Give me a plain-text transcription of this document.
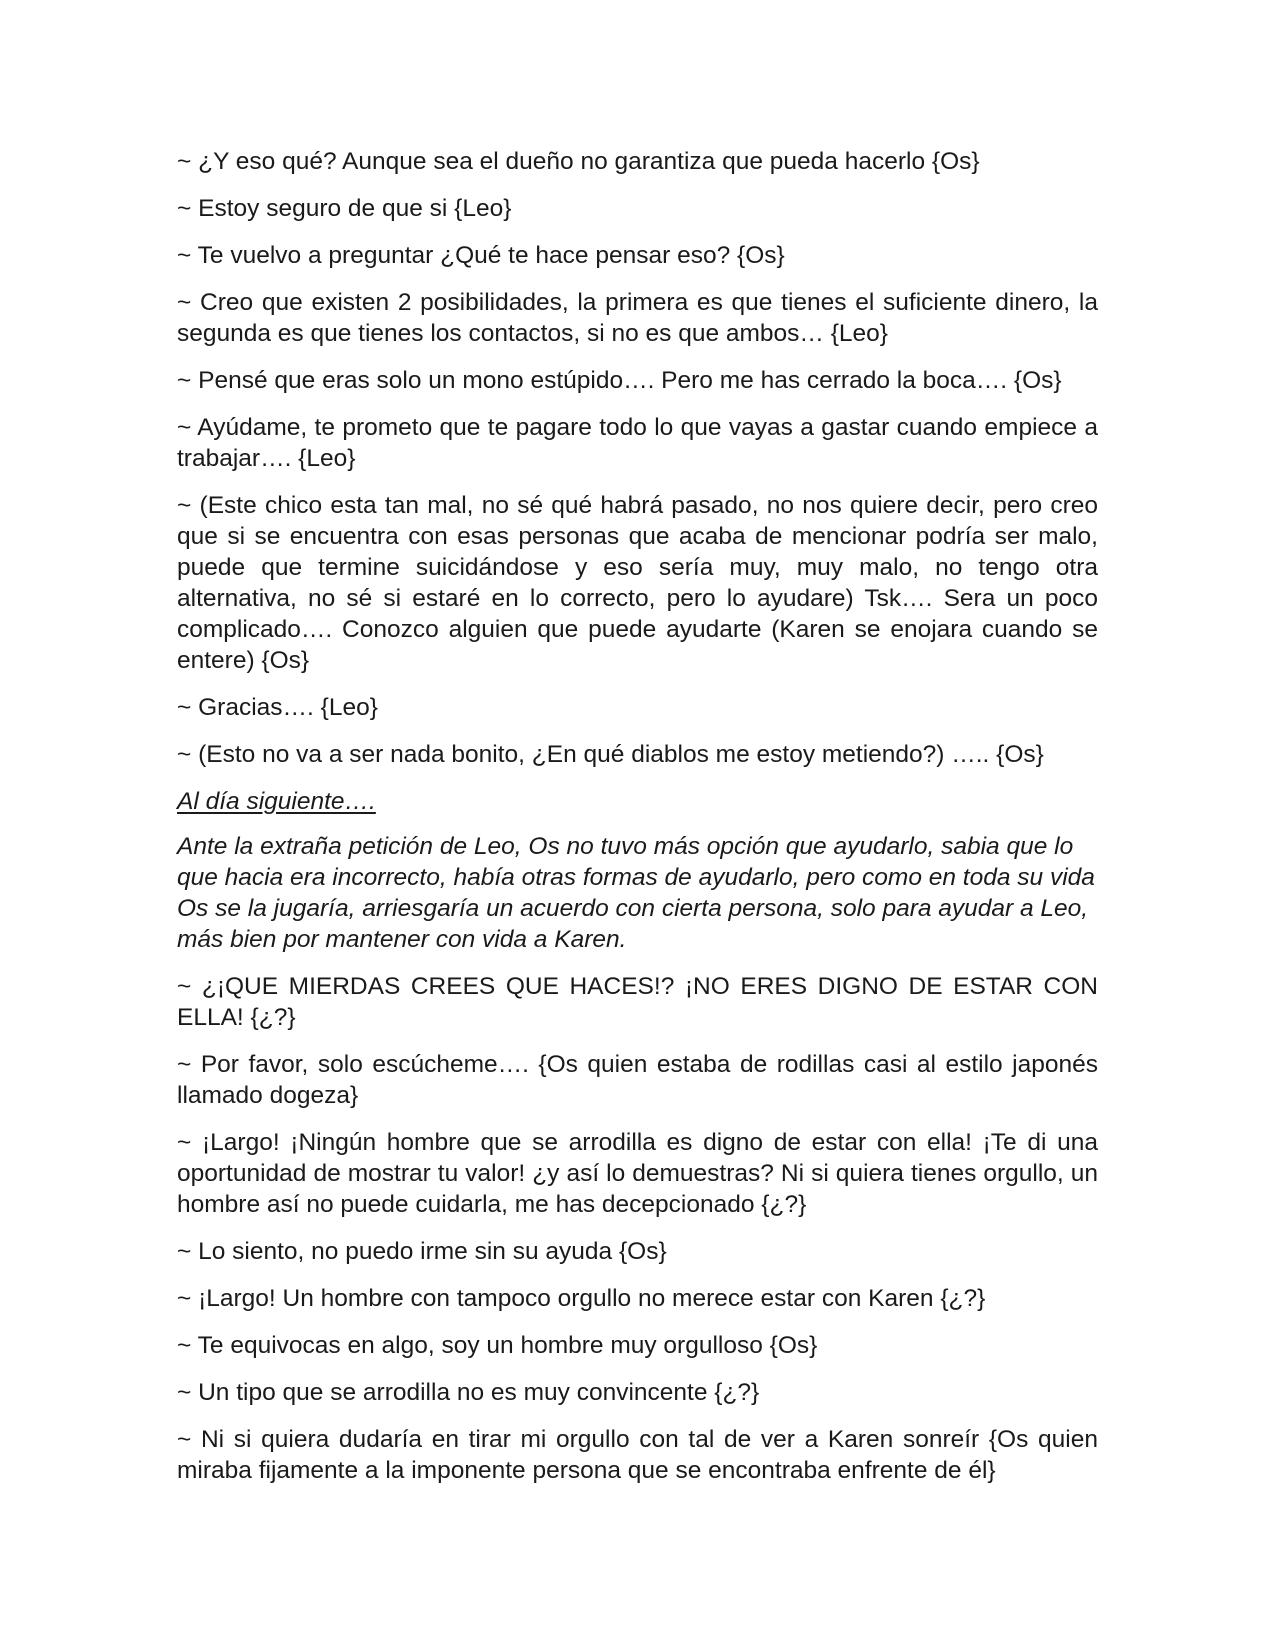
~ ¿Y eso qué? Aunque sea el dueño no garantiza que pueda hacerlo {Os}

~ Estoy seguro de que si {Leo}

~ Te vuelvo a preguntar ¿Qué te hace pensar eso? {Os}

~ Creo que existen 2 posibilidades, la primera es que tienes el suficiente dinero, la segunda es que tienes los contactos, si no es que ambos… {Leo}

~ Pensé que eras solo un mono estúpido…. Pero me has cerrado la boca…. {Os}

~ Ayúdame, te prometo que te pagare todo lo que vayas a gastar cuando empiece a trabajar…. {Leo}

~ (Este chico esta tan mal, no sé qué habrá pasado, no nos quiere decir, pero creo que si se encuentra con esas personas que acaba de mencionar podría ser malo, puede que termine suicidándose y eso sería muy, muy malo, no tengo otra alternativa, no sé si estaré en lo correcto, pero lo ayudare) Tsk…. Sera un poco complicado…. Conozco alguien que puede ayudarte (Karen se enojara cuando se entere) {Os}

~ Gracias…. {Leo}

~ (Esto no va a ser nada bonito, ¿En qué diablos me estoy metiendo?) ….. {Os}

Al día siguiente….

Ante la extraña petición de Leo, Os no tuvo más opción que ayudarlo, sabia que lo que hacia era incorrecto, había otras formas de ayudarlo, pero como en toda su vida Os se la jugaría, arriesgaría un acuerdo con cierta persona, solo para ayudar a Leo, más bien por mantener con vida a Karen.

~ ¿¡QUE MIERDAS CREES QUE HACES!? ¡NO ERES DIGNO DE ESTAR CON ELLA! {¿?}

~ Por favor, solo escúcheme…. {Os quien estaba de rodillas casi al estilo japonés llamado dogeza}

~ ¡Largo! ¡Ningún hombre que se arrodilla es digno de estar con ella! ¡Te di una oportunidad de mostrar tu valor! ¿y así lo demuestras? Ni si quiera tienes orgullo, un hombre así no puede cuidarla, me has decepcionado {¿?}

~ Lo siento, no puedo irme sin su ayuda {Os}

~ ¡Largo! Un hombre con tampoco orgullo no merece estar con Karen {¿?}

~ Te equivocas en algo, soy un hombre muy orgulloso {Os}

~ Un tipo que se arrodilla no es muy convincente {¿?}

~ Ni si quiera dudaría en tirar mi orgullo con tal de ver a Karen sonreír {Os quien miraba fijamente a la imponente persona que se encontraba enfrente de él}
